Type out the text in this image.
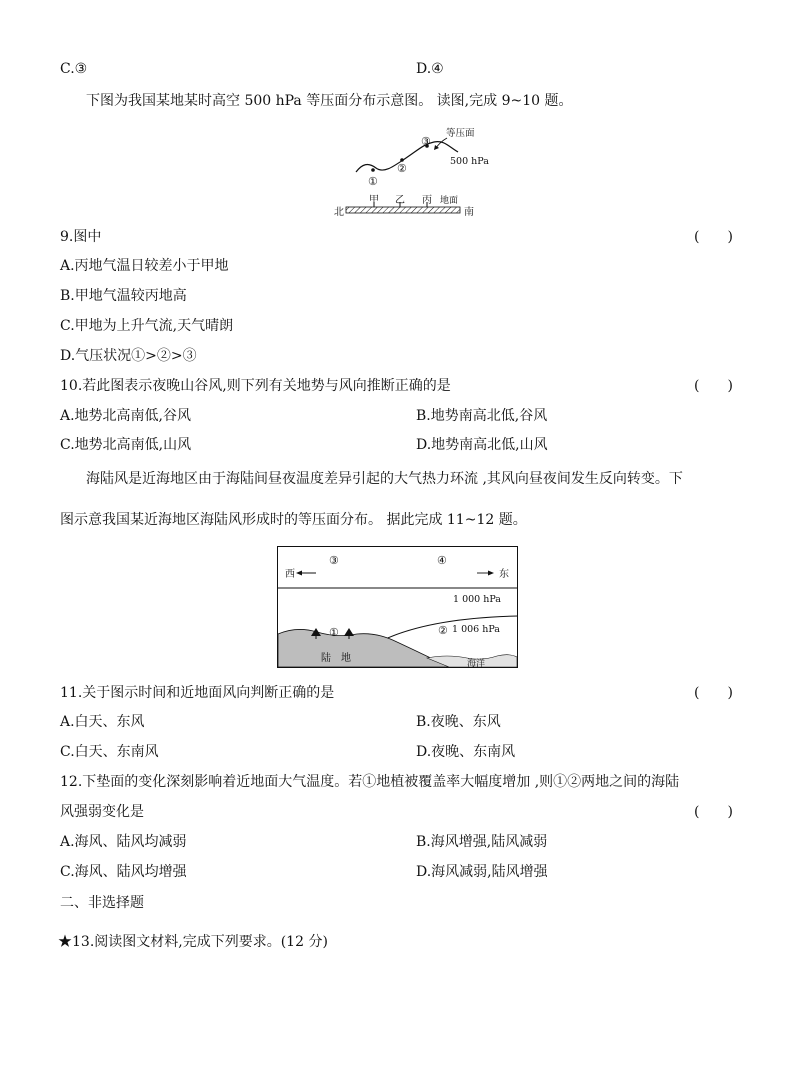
C.③	D.④
下图为我国某地某时高空 500 hPa 等压面分布示意图。 读图,完成 9~10 题。
①
②
③
等压面
500 hPa
甲 乙 丙 地面
北	南
9.图中	(　　)
A.丙地气温日较差小于甲地
B.甲地气温较丙地高
C.甲地为上升气流,天气晴朗
D.气压状况①>②>③
10.若此图表示夜晚山谷风,则下列有关地势与风向推断正确的是	(　　)
A.地势北高南低,谷风	B.地势南高北低,谷风
C.地势北高南低,山风	D.地势南高北低,山风
海陆风是近海地区由于海陆间昼夜温度差异引起的大气热力环流 ,其风向昼夜间发生反向转变。下
图示意我国某近海地区海陆风形成时的等压面分布。 据此完成 11~12 题。
③	④
西	东
1 000 hPa
② 1 006 hPa
①
陆　地	海洋
11.关于图示时间和近地面风向判断正确的是	(　　)
A.白天、东风	B.夜晚、东风
C.白天、东南风	D.夜晚、东南风
12.下垫面的变化深刻影响着近地面大气温度。若①地植被覆盖率大幅度增加 ,则①②两地之间的海陆
风强弱变化是	(　　)
A.海风、陆风均减弱	B.海风增强,陆风减弱
C.海风、陆风均增强	D.海风减弱,陆风增强
二、非选择题
★13.阅读图文材料,完成下列要求。(12 分)
